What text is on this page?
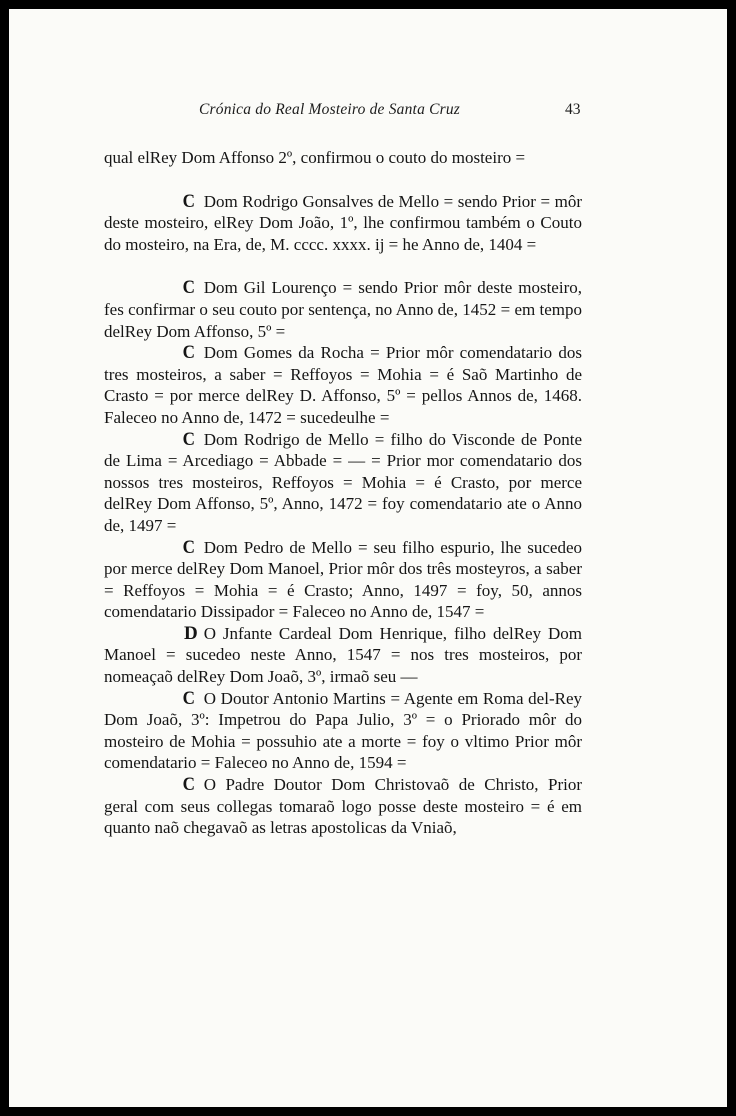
Crónica do Real Mosteiro de Santa Cruz	43

qual elRey Dom Affonso 2º, confirmou o couto do mosteiro =

C Dom Rodrigo Gonsalves de Mello = sendo Prior = môr deste mosteiro, elRey Dom João, 1º, lhe confirmou também o Couto do mosteiro, na Era, de, M. cccc. xxxx. ij = he Anno de, 1404 =

C Dom Gil Lourenço = sendo Prior môr deste mosteiro, fes confirmar o seu couto por sentença, no Anno de, 1452 = em tempo delRey Dom Affonso, 5º =

C Dom Gomes da Rocha = Prior môr comendatario dos tres mosteiros, a saber = Reffoyos = Mohia = é Saõ Martinho de Crasto = por merce delRey D. Affonso, 5º = pellos Annos de, 1468. Faleceo no Anno de, 1472 = sucedeulhe =

C Dom Rodrigo de Mello = filho do Visconde de Ponte de Lima = Arcediago = Abbade = — = Prior mor comendatario dos nossos tres mosteiros, Reffoyos = Mohia = é Crasto, por merce delRey Dom Affonso, 5º, Anno, 1472 = foy comendatario ate o Anno de, 1497 =

C Dom Pedro de Mello = seu filho espurio, lhe sucedeo por merce delRey Dom Manoel, Prior môr dos três mosteyros, a saber = Reffoyos = Mohia = é Crasto; Anno, 1497 = foy, 50, annos comendatario Dissipador = Faleceo no Anno de, 1547 =

D O Jnfante Cardeal Dom Henrique, filho delRey Dom Manoel = sucedeo neste Anno, 1547 = nos tres mosteiros, por nomeaçaõ delRey Dom Joaõ, 3º, irmaõ seu —

C O Doutor Antonio Martins = Agente em Roma del-Rey Dom Joaõ, 3º: Impetrou do Papa Julio, 3º = o Priorado môr do mosteiro de Mohia = possuhio ate a morte = foy o vltimo Prior môr comendatario = Faleceo no Anno de, 1594 =

C O Padre Doutor Dom Christovaõ de Christo, Prior geral com seus collegas tomaraõ logo posse deste mosteiro = é em quanto naõ chegavaõ as letras apostolicas da Vniaõ,
